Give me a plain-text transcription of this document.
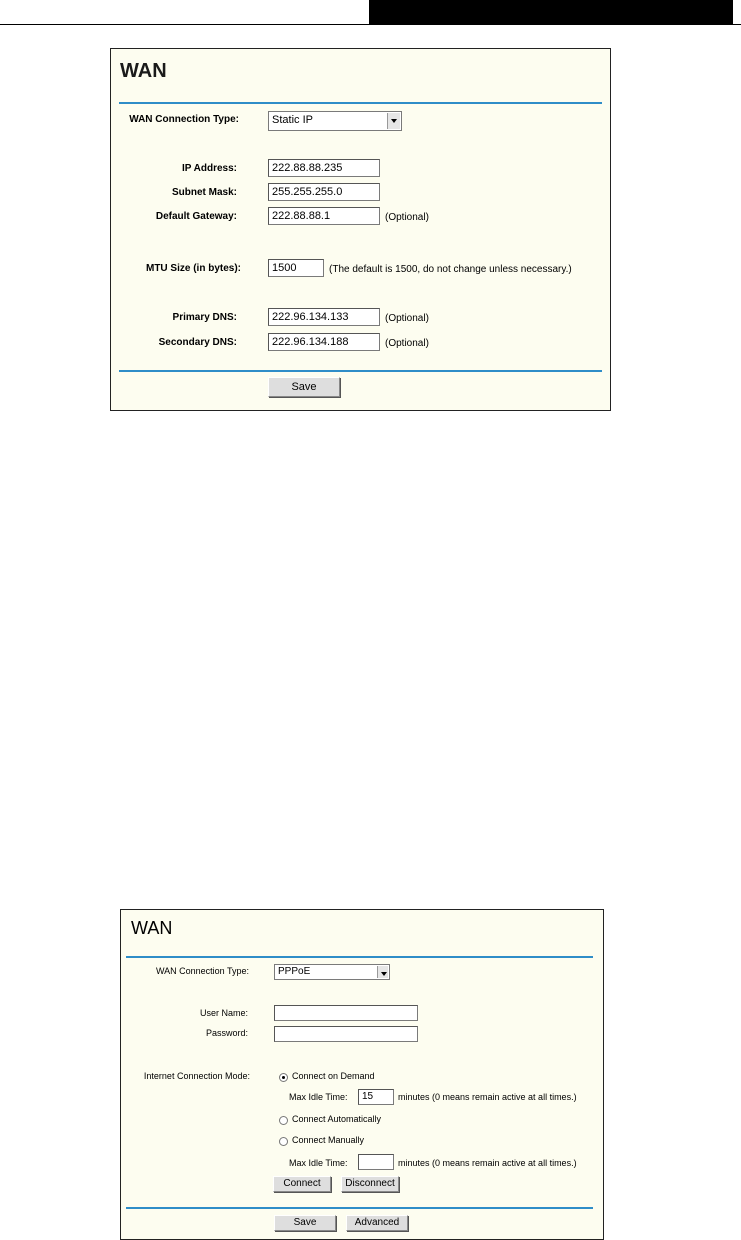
WAN
WAN Connection Type:	Static IP
IP Address:	222.88.88.235
Subnet Mask:	255.255.255.0
Default Gateway:	222.88.88.1	(Optional)
MTU Size (in bytes):	1500	(The default is 1500, do not change unless necessary.)
Primary DNS:	222.96.134.133	(Optional)
Secondary DNS:	222.96.134.188	(Optional)
Save
WAN
WAN Connection Type:	PPPoE
User Name:
Password:
Internet Connection Mode:	Connect on Demand
Max Idle Time:	15	minutes (0 means remain active at all times.)
Connect Automatically
Connect Manually
Max Idle Time:	minutes (0 means remain active at all times.)
Connect	Disconnect
Save	Advanced
